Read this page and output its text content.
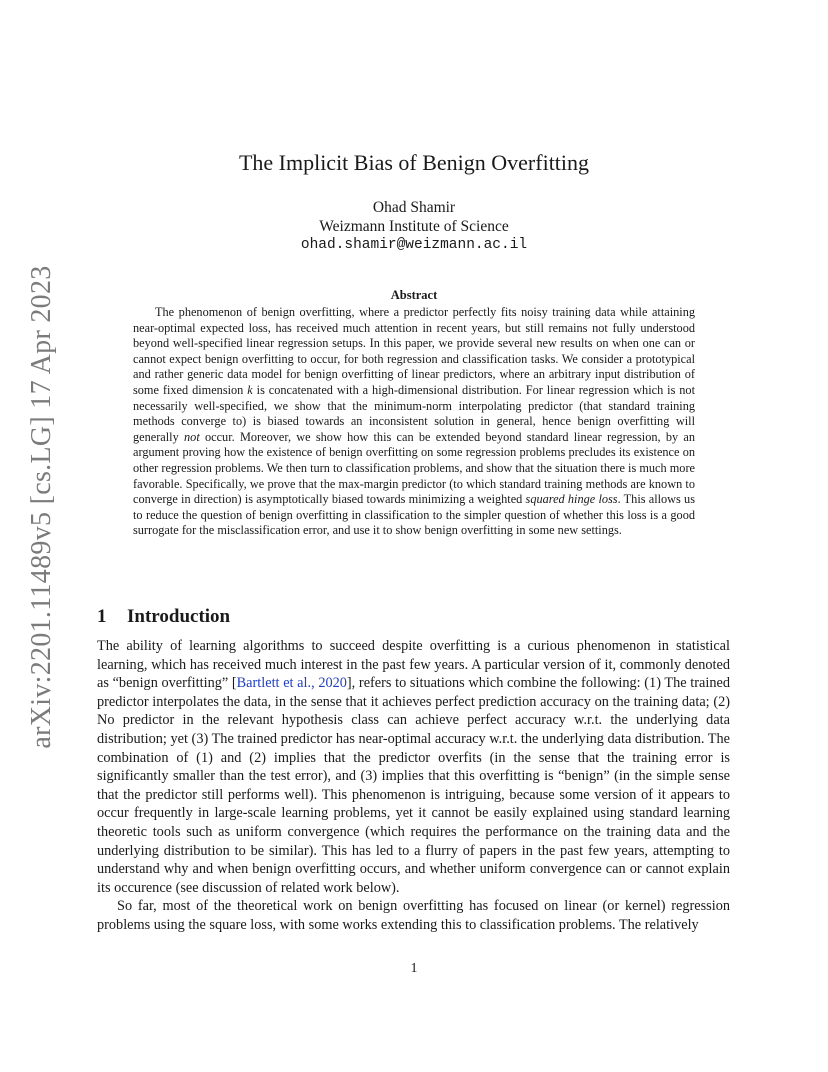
arXiv:2201.11489v5 [cs.LG] 17 Apr 2023
The Implicit Bias of Benign Overfitting
Ohad Shamir
Weizmann Institute of Science
ohad.shamir@weizmann.ac.il
Abstract

The phenomenon of benign overfitting, where a predictor perfectly fits noisy training data while attaining near-optimal expected loss, has received much attention in recent years, but still remains not fully understood beyond well-specified linear regression setups. In this paper, we provide several new results on when one can or cannot expect benign overfitting to occur, for both regression and classification tasks. We consider a prototypical and rather generic data model for benign overfitting of linear predictors, where an arbitrary input distribution of some fixed dimension k is concatenated with a high-dimensional distribution. For linear regression which is not necessarily well-specified, we show that the minimum-norm interpolating predictor (that standard training methods converge to) is biased towards an inconsistent solution in general, hence benign overfitting will generally not occur. Moreover, we show how this can be extended beyond standard linear regression, by an argument proving how the existence of benign overfitting on some regression problems precludes its existence on other regression problems. We then turn to classification problems, and show that the situation there is much more favorable. Specifically, we prove that the max-margin predictor (to which standard training methods are known to converge in direction) is asymptotically biased towards minimizing a weighted squared hinge loss. This allows us to reduce the question of benign overfitting in classification to the simpler question of whether this loss is a good surrogate for the misclassification error, and use it to show benign overfitting in some new settings.

1 Introduction

The ability of learning algorithms to succeed despite overfitting is a curious phenomenon in statistical learning, which has received much interest in the past few years. A particular version of it, commonly denoted as “benign overfitting” [Bartlett et al., 2020], refers to situations which combine the following: (1) The trained predictor interpolates the data, in the sense that it achieves perfect prediction accuracy on the training data; (2) No predictor in the relevant hypothesis class can achieve perfect accuracy w.r.t. the underlying data distribution; yet (3) The trained predictor has near-optimal accuracy w.r.t. the underlying data distribution. The combination of (1) and (2) implies that the predictor overfits (in the sense that the training error is significantly smaller than the test error), and (3) implies that this overfitting is “benign” (in the simple sense that the predictor still performs well). This phenomenon is intriguing, because some version of it appears to occur frequently in large-scale learning problems, yet it cannot be easily explained using standard learning theoretic tools such as uniform convergence (which requires the performance on the training data and the underlying distribution to be similar). This has led to a flurry of papers in the past few years, attempting to understand why and when benign overfitting occurs, and whether uniform convergence can or cannot explain its occurence (see discussion of related work below).

So far, most of the theoretical work on benign overfitting has focused on linear (or kernel) regression problems using the square loss, with some works extending this to classification problems. The relatively

1
